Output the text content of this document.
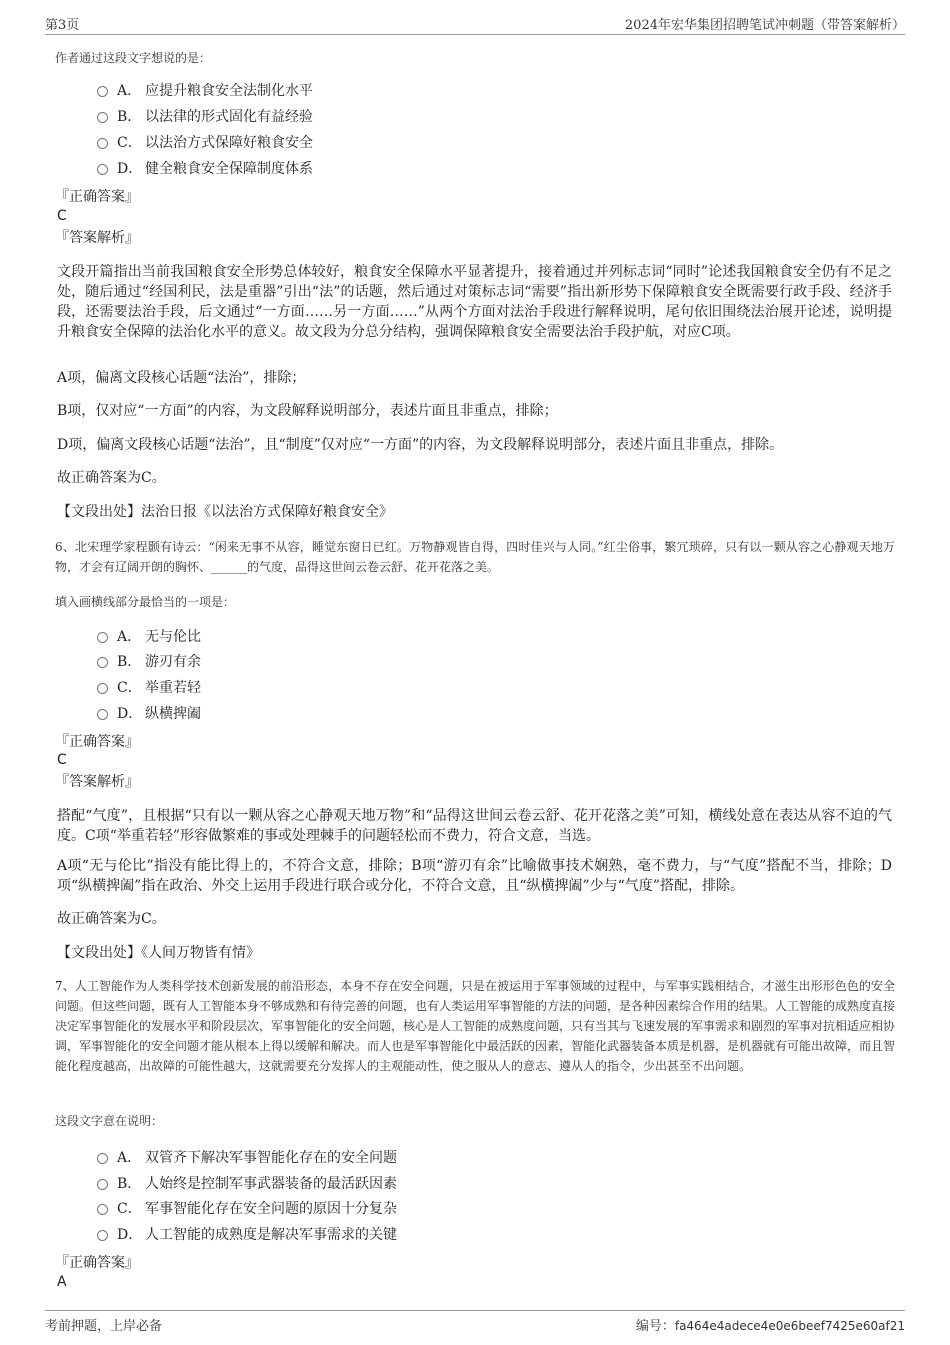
第3页	2024年宏华集团招聘笔试冲刺题（带答案解析）
作者通过这段文字想说的是：
A． 应提升粮食安全法制化水平
B． 以法律的形式固化有益经验
C． 以法治方式保障好粮食安全
D． 健全粮食安全保障制度体系
『正确答案』
C
『答案解析』
文段开篇指出当前我国粮食安全形势总体较好，粮食安全保障水平显著提升，接着通过并列标志词“同时”论述我国粮食安全仍有不足之处，随后通过“经国利民，法是重器”引出“法”的话题，然后通过对策标志词“需要”指出新形势下保障粮食安全既需要行政手段、经济手段，还需要法治手段，后文通过“一方面……另一方面……”从两个方面对法治手段进行解释说明，尾句依旧围绕法治展开论述，说明提升粮食安全保障的法治化水平的意义。故文段为分总分结构，强调保障粮食安全需要法治手段护航，对应C项。
A项，偏离文段核心话题“法治”，排除；
B项，仅对应“一方面”的内容，为文段解释说明部分，表述片面且非重点，排除；
D项，偏离文段核心话题“法治”，且“制度”仅对应“一方面”的内容，为文段解释说明部分，表述片面且非重点，排除。
故正确答案为C。
【文段出处】法治日报《以法治方式保障好粮食安全》
6、北宋理学家程颢有诗云：“闲来无事不从容，睡觉东窗日已红。万物静观皆自得，四时佳兴与人同。”红尘俗事，繁冗琐碎，只有以一颗从容之心静观天地万物，才会有辽阔开朗的胸怀、______的气度，品得这世间云卷云舒、花开花落之美。
填入画横线部分最恰当的一项是：
A． 无与伦比
B． 游刃有余
C． 举重若轻
D． 纵横捭阖
『正确答案』
C
『答案解析』
搭配“气度”，且根据“只有以一颗从容之心静观天地万物”和“品得这世间云卷云舒、花开花落之美”可知，横线处意在表达从容不迫的气度。C项“举重若轻”形容做繁难的事或处理棘手的问题轻松而不费力，符合文意，当选。
A项“无与伦比”指没有能比得上的，不符合文意，排除；B项“游刃有余”比喻做事技术娴熟，毫不费力，与“气度”搭配不当，排除；D项“纵横捭阖”指在政治、外交上运用手段进行联合或分化，不符合文意，且“纵横捭阖”少与“气度”搭配，排除。
故正确答案为C。
【文段出处】《人间万物皆有情》
7、人工智能作为人类科学技术创新发展的前沿形态，本身不存在安全问题，只是在被运用于军事领域的过程中，与军事实践相结合，才滋生出形形色色的安全问题。但这些问题，既有人工智能本身不够成熟和有待完善的问题，也有人类运用军事智能的方法的问题，是各种因素综合作用的结果。人工智能的成熟度直接决定军事智能化的发展水平和阶段层次，军事智能化的安全问题，核心是人工智能的成熟度问题，只有当其与飞速发展的军事需求和剧烈的军事对抗相适应相协调，军事智能化的安全问题才能从根本上得以缓解和解决。而人也是军事智能化中最活跃的因素，智能化武器装备本质是机器，是机器就有可能出故障，而且智能化程度越高，出故障的可能性越大，这就需要充分发挥人的主观能动性，使之服从人的意志、遵从人的指令，少出甚至不出问题。
这段文字意在说明：
A． 双管齐下解决军事智能化存在的安全问题
B． 人始终是控制军事武器装备的最活跃因素
C． 军事智能化存在安全问题的原因十分复杂
D． 人工智能的成熟度是解决军事需求的关键
『正确答案』
A
考前押题，上岸必备	编号：fa464e4adece4e0e6beef7425e60af21
